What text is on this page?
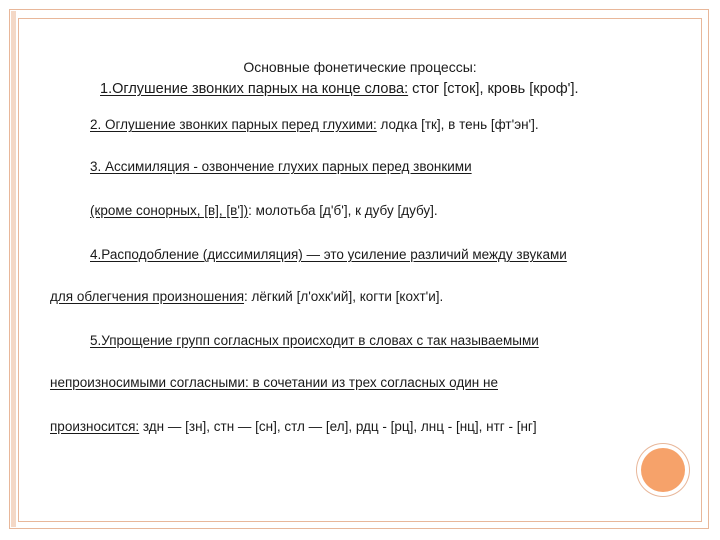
Основные фонетические процессы:
1.Оглушение звонких парных на конце слова: стог [сток], кровь [кроф'].
2. Оглушение звонких парных перед глухими: лодка [тк], в тень [фт'эн'].
3. Ассимиляция - озвончение глухих парных перед звонкими
(кроме сонорных, [в], [в']): молотьба [д'б'], к дубу [дубу].
4.Расподобление (диссимиляция) — это усиление различий между звуками
для облегчения произношения: лёгкий [л'охк'ий], когти [кохт'и].
5.Упрощение групп согласных происходит в словах с так называемыми
непроизносимыми согласными: в сочетании из трех согласных один не
произносится: здн — [зн], стн — [сн], стл — [ел], рдц - [рц], лнц - [нц], нтг - [нг]
